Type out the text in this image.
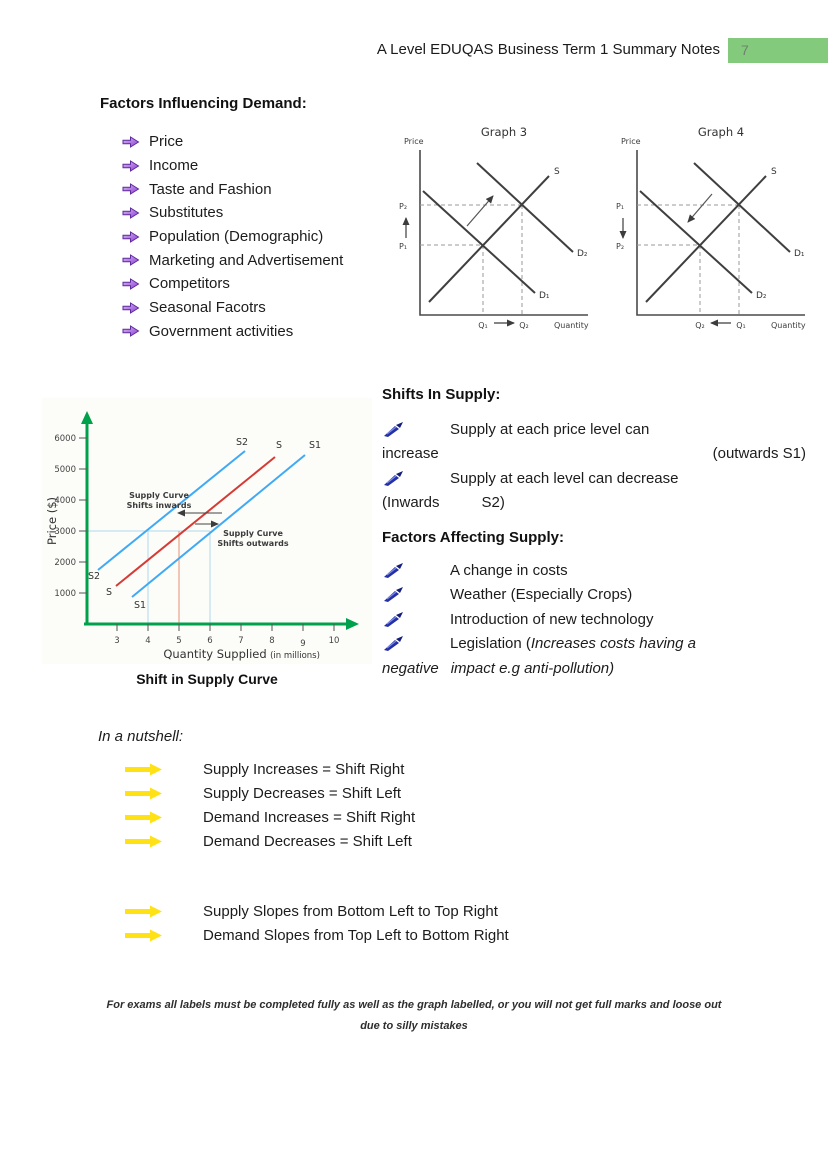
A Level EDUQAS Business Term 1 Summary Notes 7
Factors Influencing Demand:
Price
Income
Taste and Fashion
Substitutes
Population (Demographic)
Marketing and Advertisement
Competitors
Seasonal Facotrs
Government activities
Graph 3
Price
S
D₁
D₂
P₂
P₁
Q₁	Q₂	Quantity
Graph 4
Price
S
D₁
D₂
P₁
P₂
Q₂	Q₁	Quantity
6000
5000
4000
3000
2000
1000
3	4	5	6	7	8	9	10
S2	S	S1
S2
S
S1
Supply Curve
Shifts inwards
Supply Curve
Shifts outwards
Price ($)
Quantity Supplied (in millions)
Shift in Supply Curve
Shifts In Supply:
Supply at each price level can
increase	(outwards S1)
Supply at each level can decrease
(Inwards	S2)
Factors Affecting Supply:
A change in costs
Weather (Especially Crops)
Introduction of new technology
Legislation (Increases costs having a
negative impact e.g anti-pollution)
In a nutshell:
Supply Increases = Shift Right
Supply Decreases = Shift Left
Demand Increases = Shift Right
Demand Decreases = Shift Left
Supply Slopes from Bottom Left to Top Right
Demand Slopes from Top Left to Bottom Right
For exams all labels must be completed fully as well as the graph labelled, or you will not get full marks and loose out
due to silly mistakes
